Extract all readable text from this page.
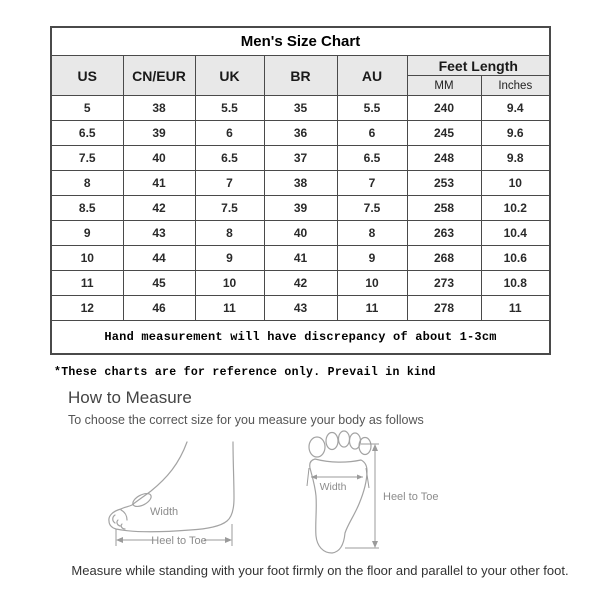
Men's Size Chart						
US	CN/EUR	UK	BR	AU	Feet Length	
					MM	Inches
5	38	5.5	35	5.5	240	9.4
6.5	39	6	36	6	245	9.6
7.5	40	6.5	37	6.5	248	9.8
8	41	7	38	7	253	10
8.5	42	7.5	39	7.5	258	10.2
9	43	8	40	8	263	10.4
10	44	9	41	9	268	10.6
11	45	10	42	10	273	10.8
12	46	11	43	11	278	11
Hand measurement will have discrepancy of about 1-3cm						
*These charts are for reference only. Prevail in kind
How to Measure
To choose the correct size for you measure your body as follows
Width
Heel to Toe
Width
Heel to Toe
Measure while standing with your foot firmly on the floor and parallel to your other foot.
